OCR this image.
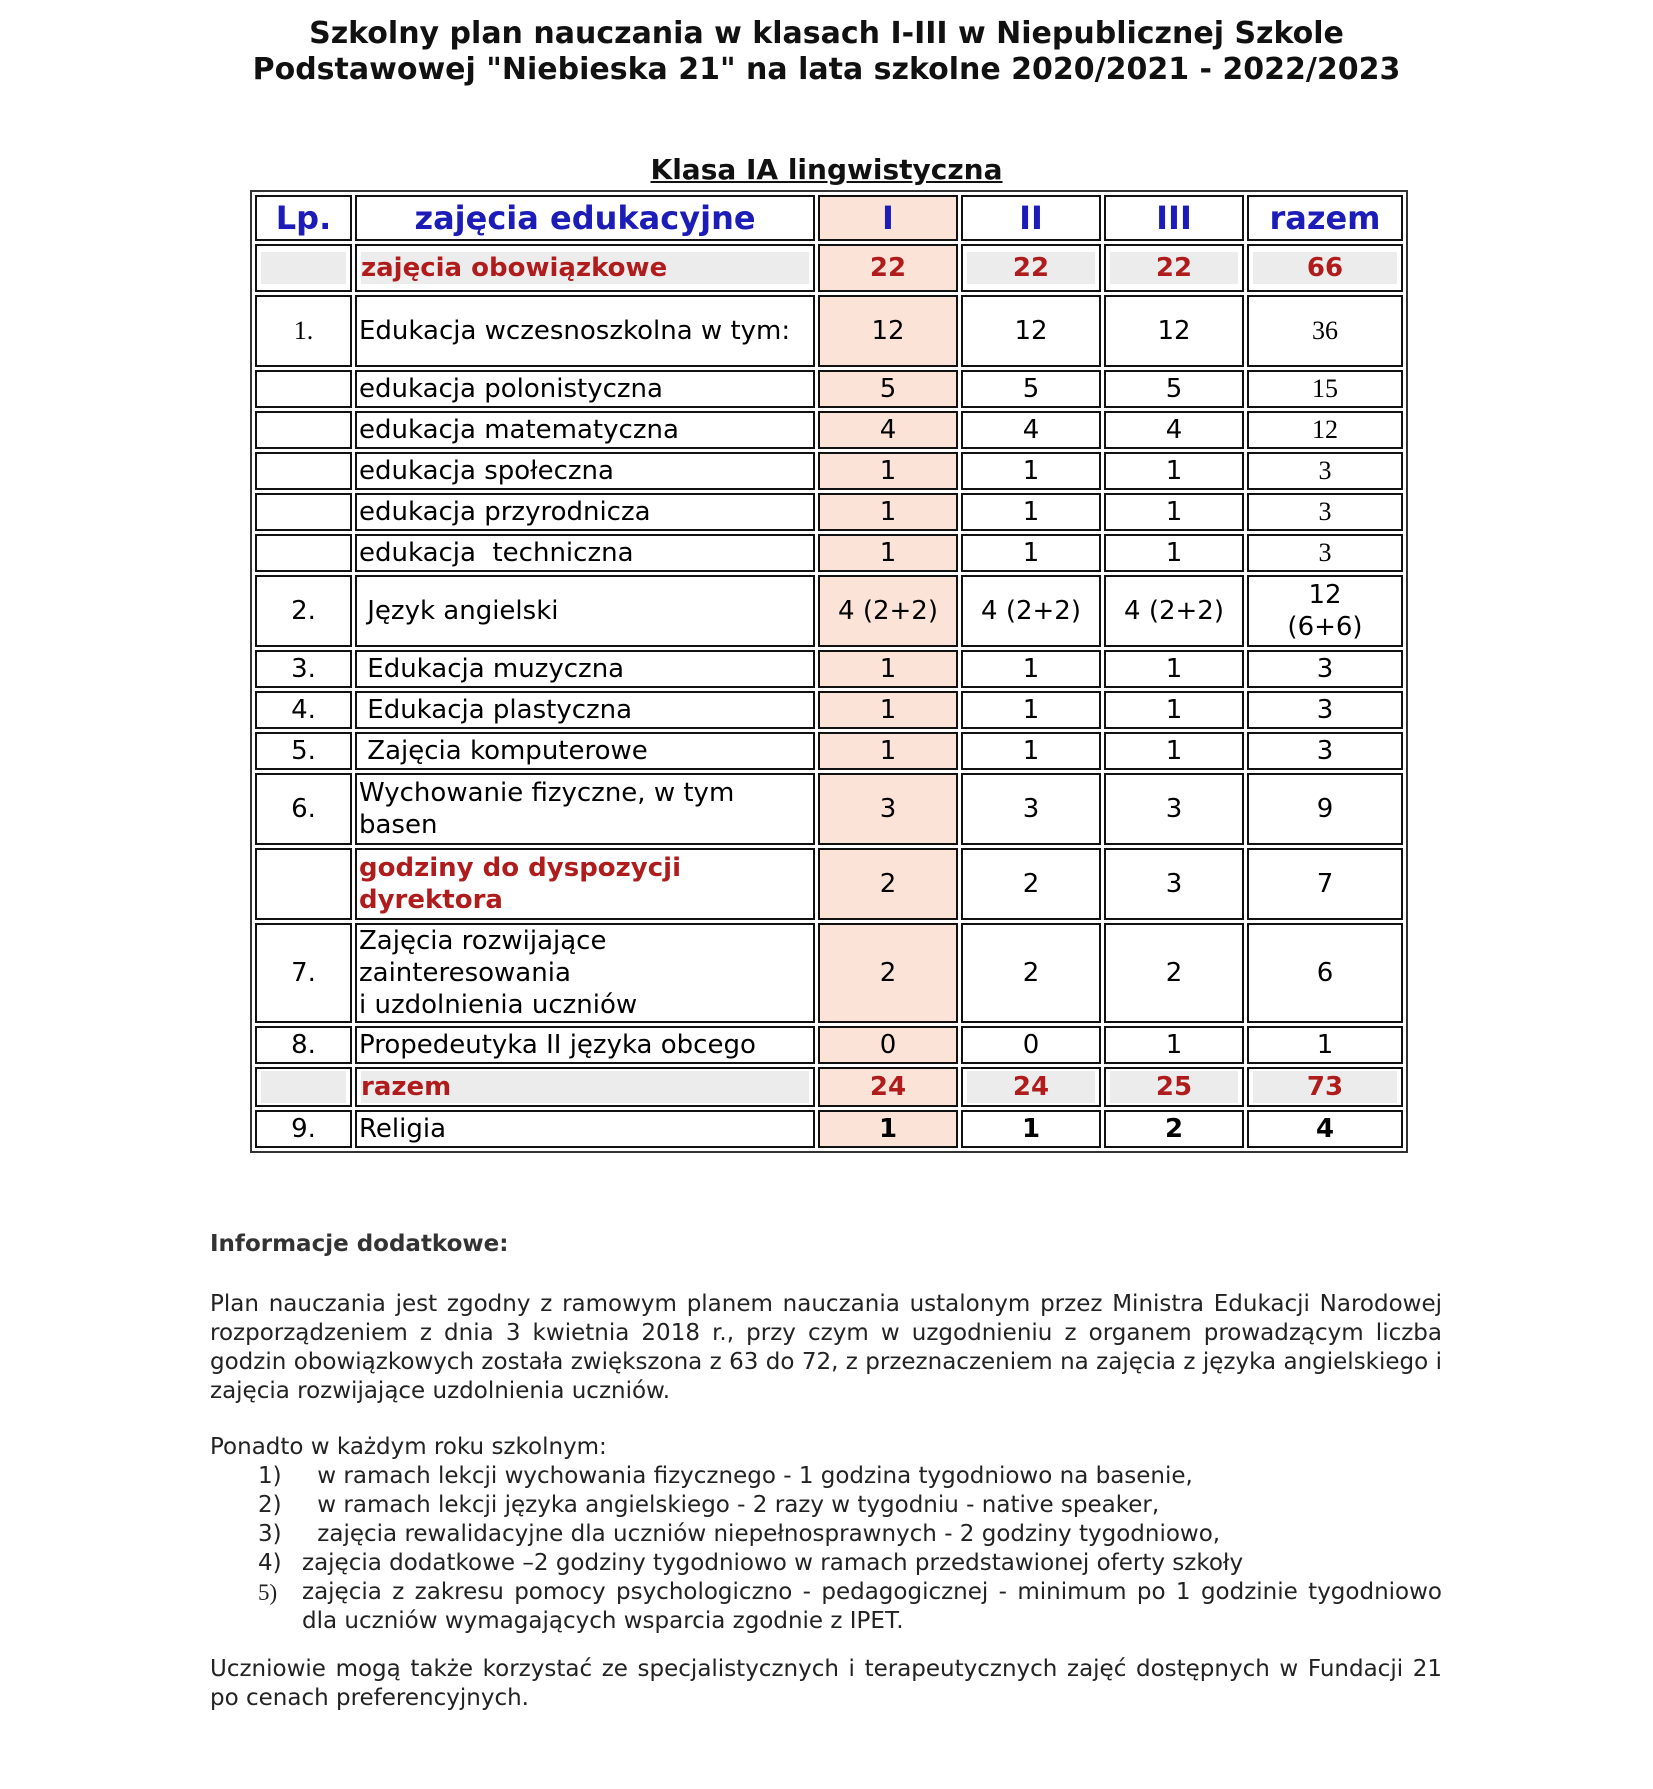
Szkolny plan nauczania w klasach I-III w Niepublicznej Szkole
Podstawowej "Niebieska 21" na lata szkolne 2020/2021 - 2022/2023
Klasa IA lingwistyczna
Lp.	zajęcia edukacyjne	I	II	III	razem

	zajęcia obowiązkowe	22	22	22	66

1.	Edukacja wczesnoszkolna w tym:	12	12	12	36
	edukacja polonistyczna	5	5	5	15
	edukacja matematyczna	4	4	4	12
	edukacja społeczna	1	1	1	3
	edukacja przyrodnicza	1	1	1	3
	edukacja  techniczna	1	1	1	3
2.	Język angielski	4 (2+2)	4 (2+2)	4 (2+2)	12 (6+6)
3.	Edukacja muzyczna	1	1	1	3
4.	Edukacja plastyczna	1	1	1	3
5.	Zajęcia komputerowe	1	1	1	3
6.	Wychowanie fizyczne, w tym basen	3	3	3	9
	godziny do dyspozycji dyrektora	2	2	3	7
7.	Zajęcia rozwijające zainteresowania
i uzdolnienia uczniów	2	2	2	6
8.	Propedeutyka II języka obcego	0	0	1	1

	razem	24	24	25	73

9.	Religia	1	1	2	4
Informacje dodatkowe:
Plan nauczania jest zgodny z ramowym planem nauczania ustalonym przez Ministra Edukacji Narodowej rozporządzeniem z dnia 3 kwietnia 2018 r., przy czym w uzgodnieniu z organem prowadzącym liczba godzin obowiązkowych została zwiększona z 63 do 72, z przeznaczeniem na zajęcia z języka angielskiego i zajęcia rozwijające uzdolnienia uczniów.
Ponadto w każdym roku szkolnym:
1) w ramach lekcji wychowania fizycznego - 1 godzina tygodniowo na basenie,
2) w ramach lekcji języka angielskiego - 2 razy w tygodniu - native speaker,
3) zajęcia rewalidacyjne dla uczniów niepełnosprawnych - 2 godziny tygodniowo,
4) zajęcia dodatkowe –2 godziny tygodniowo w ramach przedstawionej oferty szkoły
5) zajęcia z zakresu pomocy psychologiczno - pedagogicznej - minimum po 1 godzinie tygodniowo dla uczniów wymagających wsparcia zgodnie z IPET.
Uczniowie mogą także korzystać ze specjalistycznych i terapeutycznych zajęć dostępnych w Fundacji 21 po cenach preferencyjnych.
